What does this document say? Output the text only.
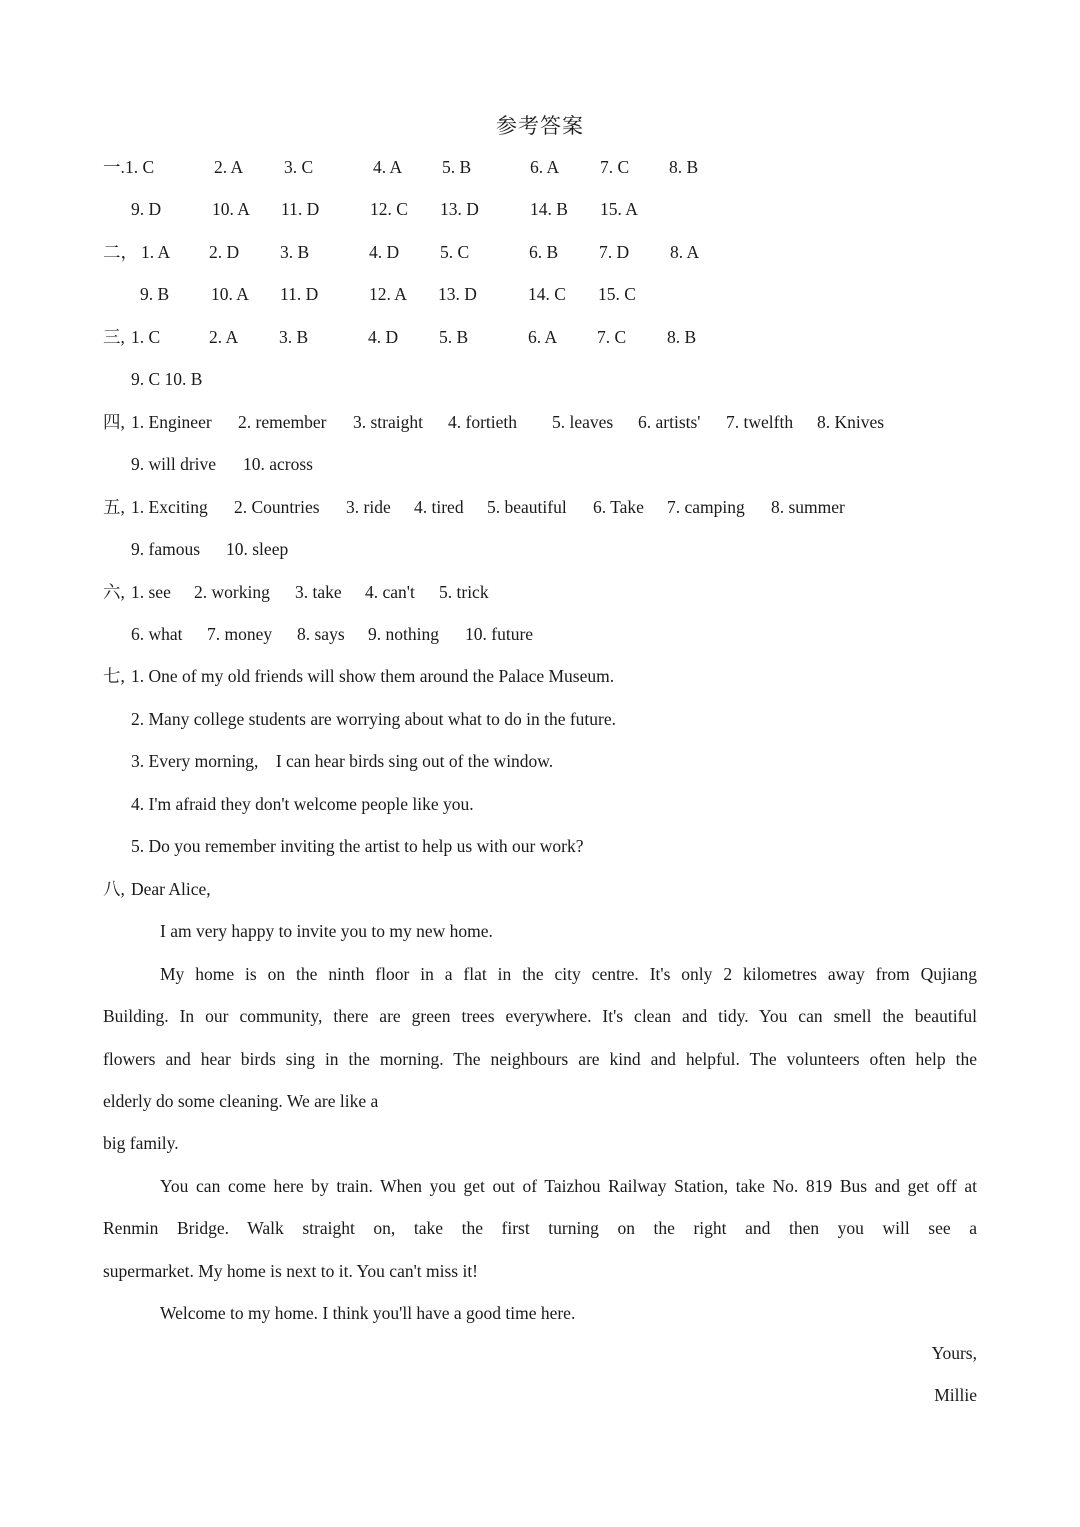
参考答案
一. 1. C	2. A 3. C	4. A 5. B	6. A 7. C 8. B
9. D	10. A 11. D	12. C 13. D	14. B 15. A
二， 1. A 2. D 3. B	4. D 5. C	6. B 7. D 8. A
9. B 10. A 11. D	12. A 13. D	14. C 15. C
三, 1. C	2. A 3. B	4. D 5. B	6. A 7. C 8. B
9. C 10. B
四, 1. Engineer 2. remember 3. straight 4. fortieth 5. leaves 6. artists' 7. twelfth 8. Knives
9. will drive 10. across
五, 1. Exciting 2. Countries 3. ride 4. tired 5. beautiful 6. Take 7. camping 8. summer
9. famous 10. sleep
六, 1. see 2. working 3. take 4. can't 5. trick
6. what 7. money 8. says 9. nothing 10. future
七, 1. One of my old friends will show them around the Palace Museum.
2. Many college students are worrying about what to do in the future.
3. Every morning,    I can hear birds sing out of the window.
4. I'm afraid they don't welcome people like you.
5. Do you remember inviting the artist to help us with our work?
八, Dear Alice,
I am very happy to invite you to my new home.
My home is on the ninth floor in a flat in the city centre. It's only 2 kilometres away from Qujiang
Building. In our community, there are green trees everywhere. It's clean and tidy. You can smell the beautiful
flowers and hear birds sing in the morning. The neighbours are kind and helpful. The volunteers often help the
elderly do some cleaning. We are like a
big family.
You can come here by train. When you get out of Taizhou Railway Station, take No. 819 Bus and get off at
Renmin Bridge. Walk straight on, take the first turning on the right and then you will see a
supermarket. My home is next to it. You can't miss it!
Welcome to my home. I think you'll have a good time here.
Yours,
Millie
